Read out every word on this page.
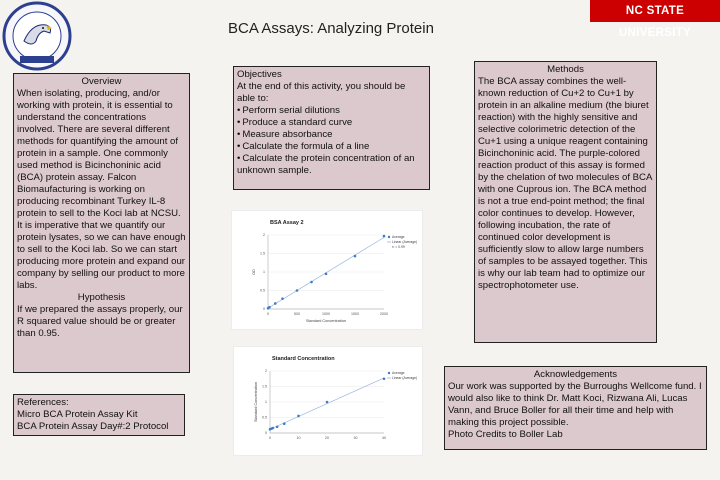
NC STATE UNIVERSITY
BCA Assays: Analyzing Protein
Overview
When isolating, producing, and/or working with protein, it is essential to understand the concentrations involved. There are several different methods for quantifying the amount of protein in a sample. One commonly used method is Bicinchoninic acid (BCA) protein assay. Falcon Biomaufacturing is working on producing recombinant Turkey IL-8 protein to sell to the Koci lab at NCSU. It is imperative that we quantify our protein lysates, so we can have enough to sell to the Koci lab. So we can start producing more protein and expand our company by selling our product to more labs.
Hypothesis
If we prepared the assays properly, our R squared value should be or greater than 0.95.
Objectives
At the end of this activity, you should be able to:
• Perform serial dilutions
• Produce a standard curve
• Measure absorbance
• Calculate the formula of a line
• Calculate the protein concentration of an unknown sample.
Methods
The BCA assay combines the well-known reduction of Cu+2 to Cu+1 by protein in an alkaline medium (the biuret reaction) with the highly sensitive and selective colorimetric detection of the Cu+1 using a unique reagent containing Bicinchoninic acid. The purple-colored reaction product of this assay is formed by the chelation of two molecules of BCA with one Cuprous ion. The BCA method is not a true end-point method; the final color continues to develop. However, following incubation, the rate of continued color development is sufficiently slow to allow large numbers of samples to be assayed together. This is why our lab team had to optimize our spectrophotometer use.
References:
Micro BCA Protein Assay Kit
BCA Protein Assay Day#:2 Protocol
Acknowledgements
Our work was supported by the Burroughs Wellcome fund. I would also like to think Dr. Matt Koci, Rizwana Ali, Lucas Vann, and Bruce Boller for all their time and help with making this project possible.
Photo Credits to Boller Lab
BSA Assay 2
0
0.5
1
1.5
2
0	500	1000	1500	2000
Standard Concentration
OD
Average
Linear (Average)
r² = 0.99
Standard Concentration
0
0.5
1
1.5
2
0	10	20	30	40
Standard Concentration
Average
Linear (Average)
